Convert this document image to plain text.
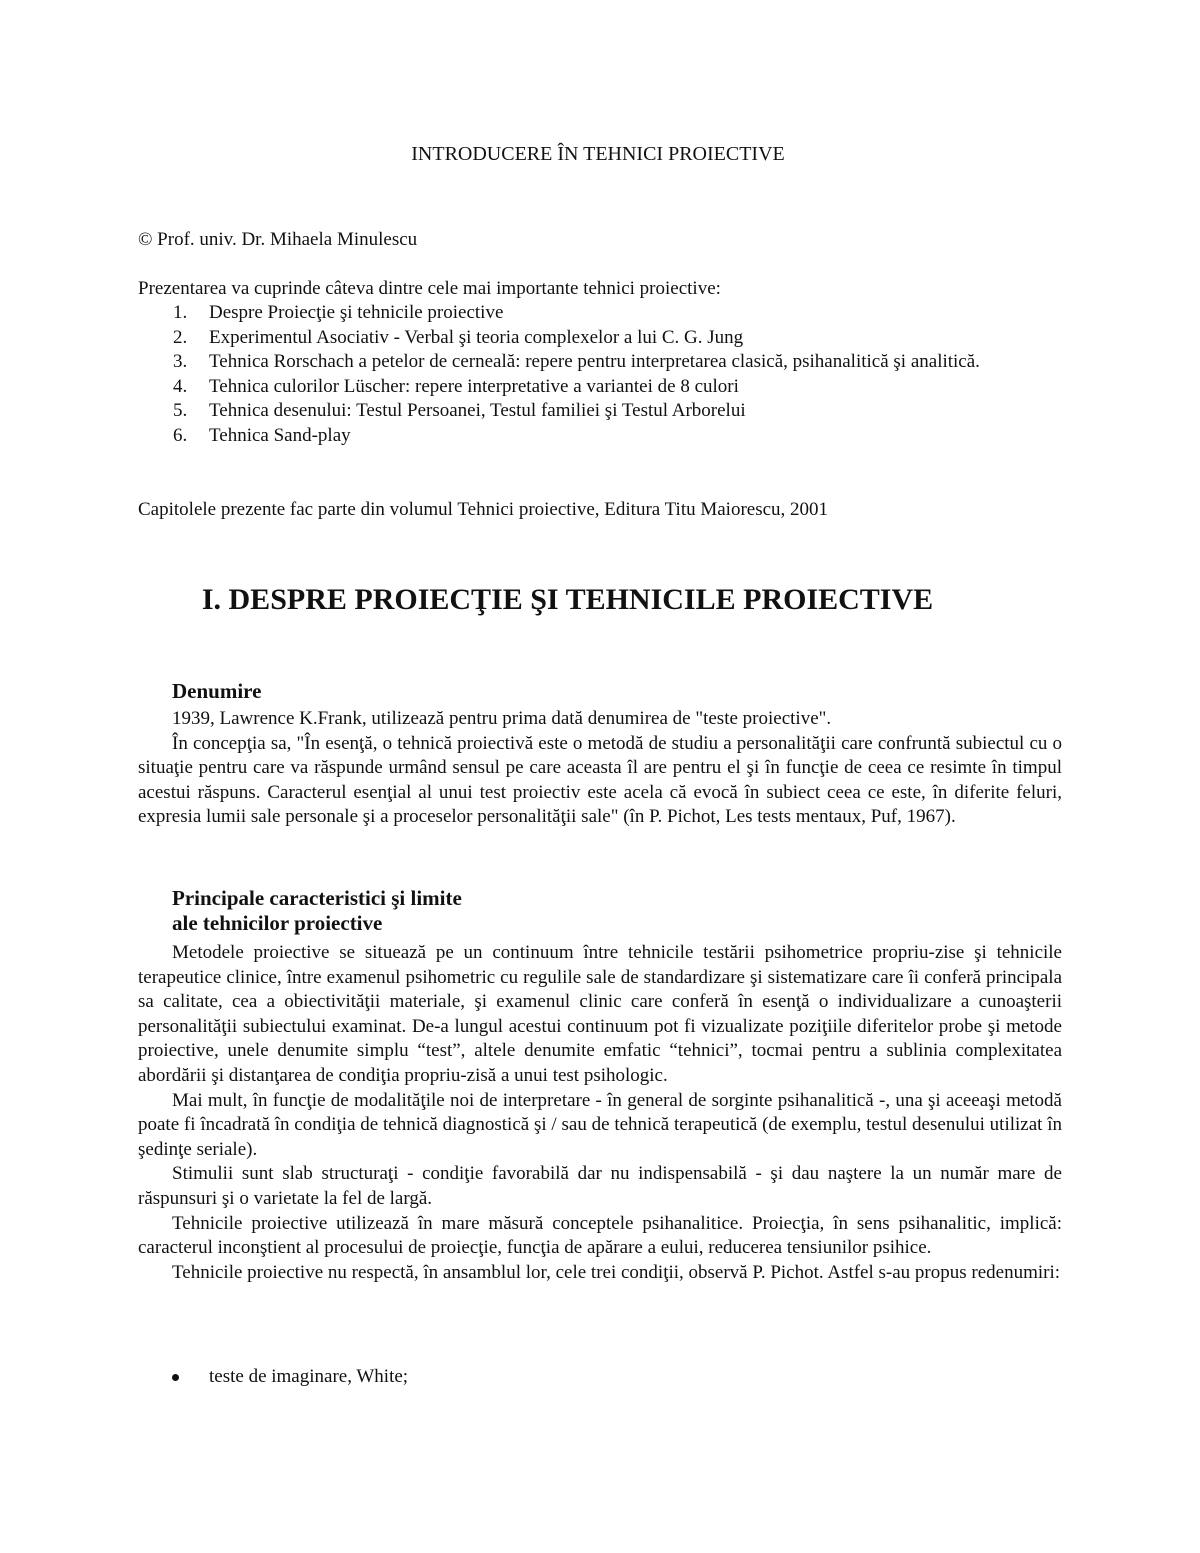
INTRODUCERE ÎN TEHNICI PROIECTIVE
© Prof. univ. Dr. Mihaela Minulescu
Prezentarea va cuprinde câteva dintre cele mai importante tehnici proiective:
1. Despre Proiecţie şi tehnicile proiective
2. Experimentul Asociativ - Verbal şi teoria complexelor a lui C. G. Jung
3. Tehnica Rorschach a petelor de cerneală: repere pentru interpretarea clasică, psihanalitică şi analitică.
4. Tehnica culorilor Lüscher: repere interpretative a variantei de 8 culori
5. Tehnica desenului: Testul Persoanei, Testul familiei şi Testul Arborelui
6. Tehnica Sand-play
Capitolele prezente fac parte din volumul Tehnici proiective, Editura Titu Maiorescu, 2001
I. DESPRE PROIECŢIE ŞI TEHNICILE PROIECTIVE
Denumire

1939, Lawrence K.Frank, utilizează pentru prima dată denumirea de "teste proiective".

În concepţia sa, "În esenţă, o tehnică proiectivă este o metodă de studiu a personalităţii care confruntă subiectul cu o situaţie pentru care va răspunde urmând sensul pe care aceasta îl are pentru el şi în funcţie de ceea ce resimte în timpul acestui răspuns. Caracterul esenţial al unui test proiectiv este acela că evocă în subiect ceea ce este, în diferite feluri, expresia lumii sale personale şi a proceselor personalităţii sale" (în P. Pichot, Les tests mentaux, Puf, 1967).

Principale caracteristici şi limite
ale tehnicilor proiective

Metodele proiective se situează pe un continuum între tehnicile testării psihometrice propriu-zise şi tehnicile terapeutice clinice, între examenul psihometric cu regulile sale de standardizare şi sistematizare care îi conferă principala sa calitate, cea a obiectivităţii materiale, şi examenul clinic care conferă în esenţă o individualizare a cunoaşterii personalităţii subiectului examinat. De-a lungul acestui continuum pot fi vizualizate poziţiile diferitelor probe şi metode proiective, unele denumite simplu “test”, altele denumite emfatic “tehnici”, tocmai pentru a sublinia complexitatea abordării şi distanţarea de condiţia propriu-zisă a unui test psihologic.

Mai mult, în funcţie de modalităţile noi de interpretare - în general de sorginte psihanalitică -, una şi aceeaşi metodă poate fi încadrată în condiţia de tehnică diagnostică şi / sau de tehnică terapeutică (de exemplu, testul desenului utilizat în şedinţe seriale).

Stimulii sunt slab structuraţi - condiţie favorabilă dar nu indispensabilă - şi dau naştere la un număr mare de răspunsuri şi o varietate la fel de largă.

Tehnicile proiective utilizează în mare măsură conceptele psihanalitice. Proiecţia, în sens psihanalitic, implică: caracterul inconştient al procesului de proiecţie, funcţia de apărare a eului, reducerea tensiunilor psihice.

Tehnicile proiective nu respectă, în ansamblul lor, cele trei condiţii, observă P. Pichot. Astfel s-au propus redenumiri:

teste de imaginare, White;
